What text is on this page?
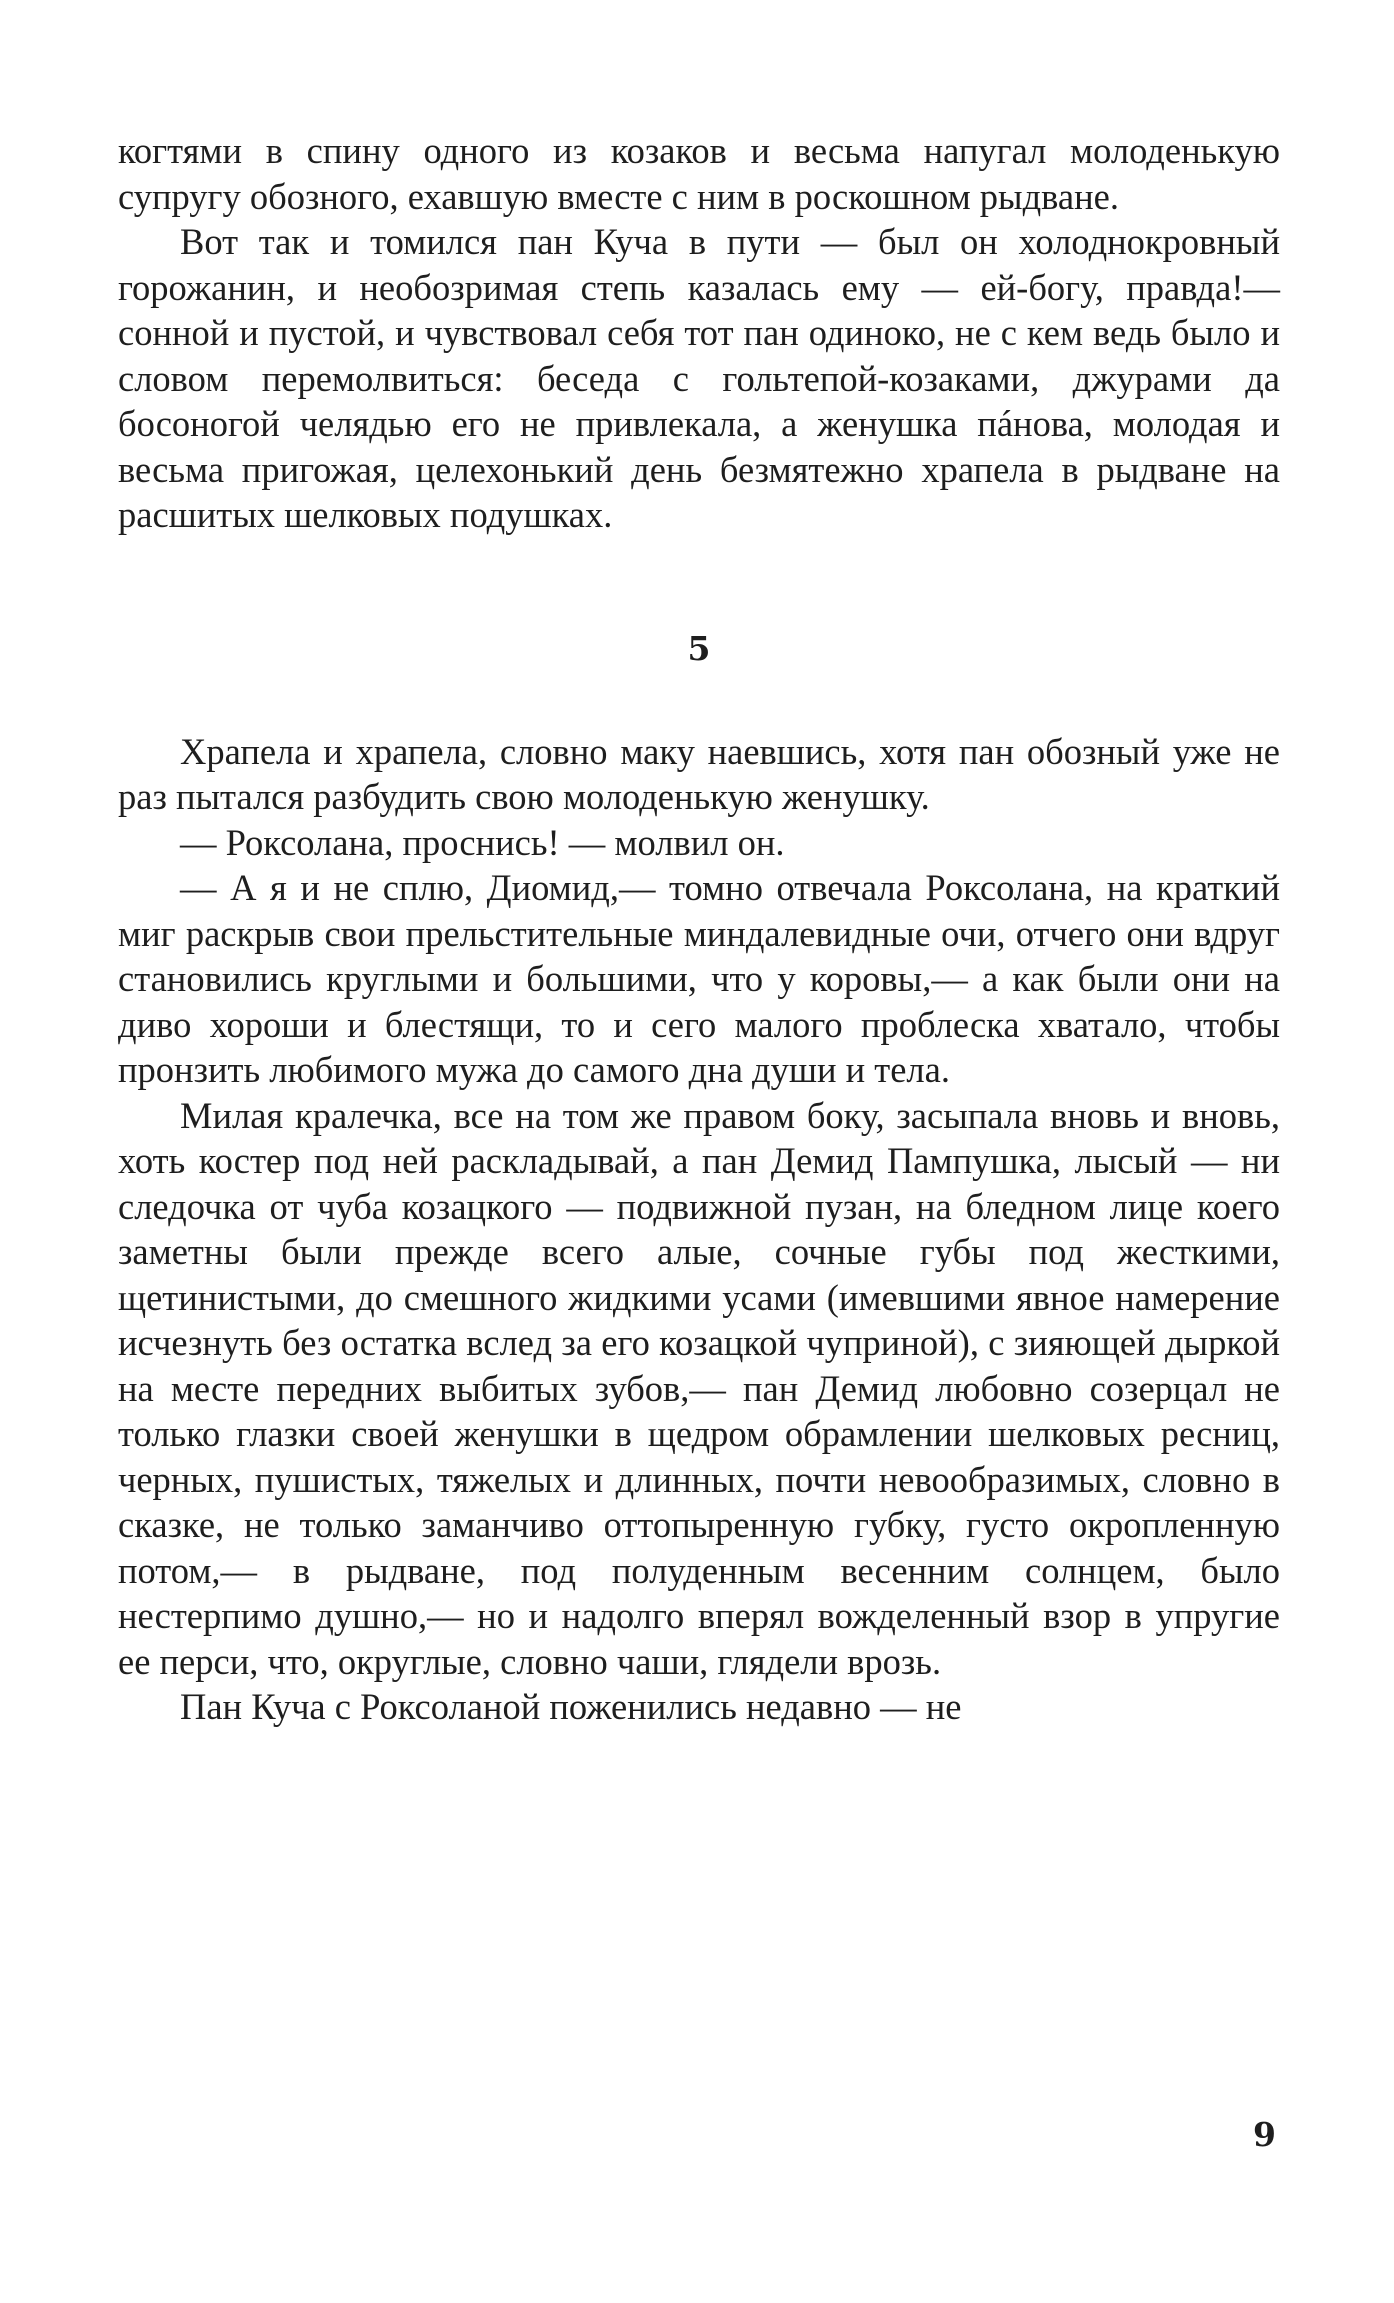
когтями в спину одного из козаков и весьма напугал молоденькую супругу обозного, ехавшую вместе с ним в роскошном рыдване.

Вот так и томился пан Куча в пути — был он холоднокровный горожанин, и необозримая степь казалась ему — ей-богу, правда!— сонной и пустой, и чувствовал себя тот пан одиноко, не с кем ведь было и словом перемолвиться: беседа с гольтепой-козаками, джурами да босоногой челядью его не привлекала, а женушка пáнова, молодая и весьма пригожая, целехонький день безмятежно храпела в рыдване на расшитых шелковых подушках.

5

Храпела и храпела, словно маку наевшись, хотя пан обозный уже не раз пытался разбудить свою молоденькую женушку.

— Роксолана, проснись! — молвил он.

— А я и не сплю, Диомид,— томно отвечала Роксолана, на краткий миг раскрыв свои прельстительные миндалевидные очи, отчего они вдруг становились круглыми и большими, что у коровы,— а как были они на диво хороши и блестящи, то и сего малого проблеска хватало, чтобы пронзить любимого мужа до самого дна души и тела.

Милая кралечка, все на том же правом боку, засыпала вновь и вновь, хоть костер под ней раскладывай, а пан Демид Пампушка, лысый — ни следочка от чуба козацкого — подвижной пузан, на бледном лице коего заметны были прежде всего алые, сочные губы под жесткими, щетинистыми, до смешного жидкими усами (имевшими явное намерение исчезнуть без остатка вслед за его козацкой чуприной), с зияющей дыркой на месте передних выбитых зубов,— пан Демид любовно созерцал не только глазки своей женушки в щедром обрамлении шелковых ресниц, черных, пушистых, тяжелых и длинных, почти невообразимых, словно в сказке, не только заманчиво оттопыренную губку, густо окропленную потом,— в рыдване, под полуденным весенним солнцем, было нестерпимо душно,— но и надолго вперял вожделенный взор в упругие ее перси, что, округлые, словно чаши, глядели врозь.

Пан Куча с Роксоланой поженились недавно — не

9
